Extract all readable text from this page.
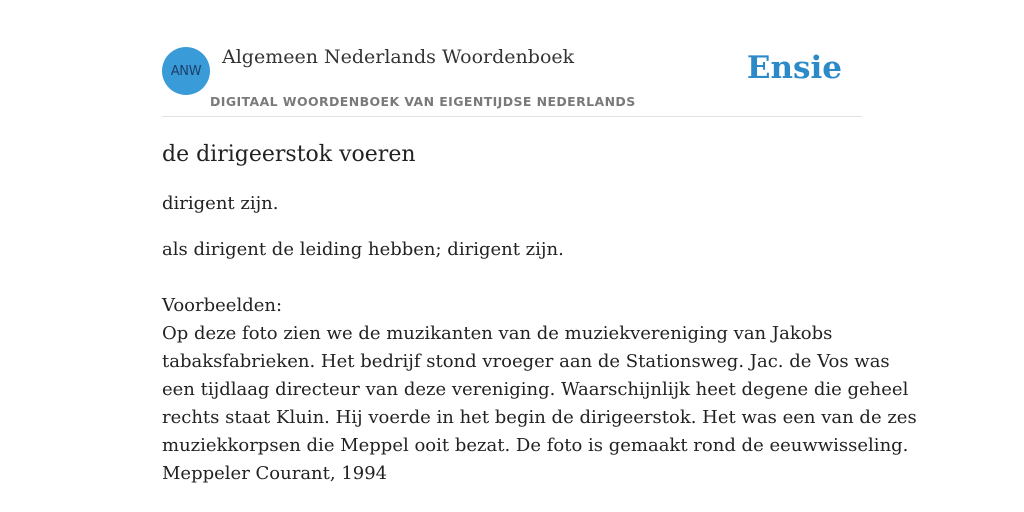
ANW
Algemeen Nederlands Woordenboek
DIGITAAL WOORDENBOEK VAN EIGENTIJDSE NEDERLANDS
Ensie
de dirigeerstok voeren

dirigent zijn.

als dirigent de leiding hebben; dirigent zijn.

Voorbeelden:
Op deze foto zien we de muzikanten van de muziekvereniging van Jakobs
tabaksfabrieken. Het bedrijf stond vroeger aan de Stationsweg. Jac. de Vos was
een tijdlaag directeur van deze vereniging. Waarschijnlijk heet degene die geheel
rechts staat Kluin. Hij voerde in het begin de dirigeerstok. Het was een van de zes
muziekkorpsen die Meppel ooit bezat. De foto is gemaakt rond de eeuwwisseling.
Meppeler Courant, 1994
